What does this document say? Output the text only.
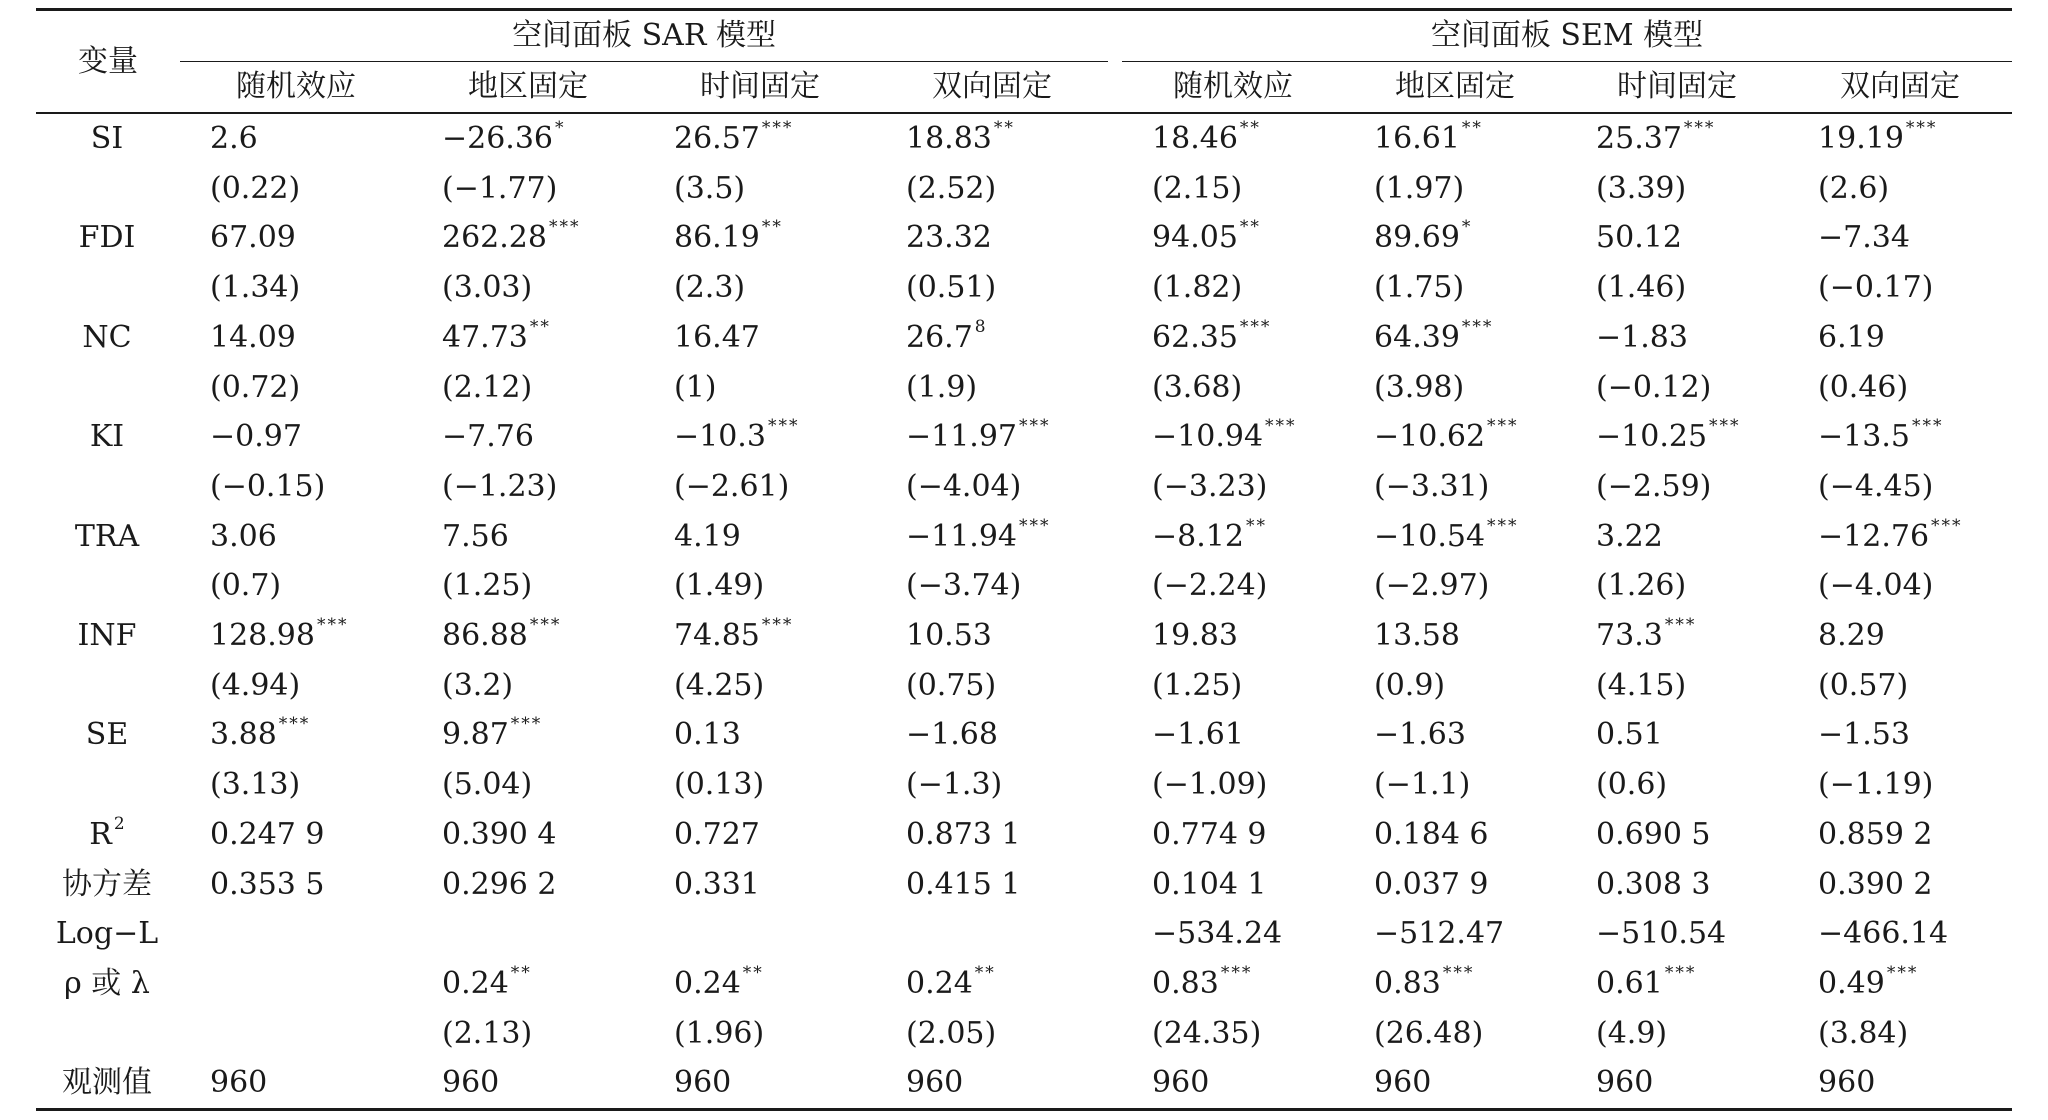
变量	空间面板 SAR 模型					空间面板 SEM 模型			
	随机效应	地区固定	时间固定	双向固定		随机效应	地区固定	时间固定	双向固定
SI	2.6	−26.36 *	26.57 ***	18.83 **		18.46 **	16.61 **	25.37 ***	19.19 ***
	(0.22)	(−1.77)	(3.5)	(2.52)		(2.15)	(1.97)	(3.39)	(2.6)
FDI	67.09	262.28 ***	86.19 **	23.32		94.05 **	89.69 *	50.12	−7.34
	(1.34)	(3.03)	(2.3)	(0.51)		(1.82)	(1.75)	(1.46)	(−0.17)
NC	14.09	47.73 **	16.47	26.7 $^8$		62.35 ***	64.39 ***	−1.83	6.19
	(0.72)	(2.12)	(1)	(1.9)		(3.68)	(3.98)	(−0.12)	(0.46)
KI	−0.97	−7.76	−10.3 ***	−11.97 ***		−10.94 ***	−10.62 ***	−10.25 ***	−13.5 ***
	(−0.15)	(−1.23)	(−2.61)	(−4.04)		(−3.23)	(−3.31)	(−2.59)	(−4.45)
TRA	3.06	7.56	4.19	−11.94 ***		−8.12 **	−10.54 ***	3.22	−12.76 ***
	(0.7)	(1.25)	(1.49)	(−3.74)		(−2.24)	(−2.97)	(1.26)	(−4.04)
INF	128.98 ***	86.88 ***	74.85 ***	10.53		19.83	13.58	73.3 ***	8.29
	(4.94)	(3.2)	(4.25)	(0.75)		(1.25)	(0.9)	(4.15)	(0.57)
SE	3.88 ***	9.87 ***	0.13	−1.68		−1.61	−1.63	0.51	−1.53
	(3.13)	(5.04)	(0.13)	(−1.3)		(−1.09)	(−1.1)	(0.6)	(−1.19)
R $^2$	0.247 9	0.390 4	0.727	0.873 1		0.774 9	0.184 6	0.690 5	0.859 2
协方差	0.353 5	0.296 2	0.331	0.415 1		0.104 1	0.037 9	0.308 3	0.390 2
Log−L						−534.24	−512.47	−510.54	−466.14
ρ 或 λ		0.24 **	0.24 **	0.24 **		0.83 ***	0.83 ***	0.61 ***	0.49 ***
		(2.13)	(1.96)	(2.05)		(24.35)	(26.48)	(4.9)	(3.84)
观测值	960	960	960	960		960	960	960	960
